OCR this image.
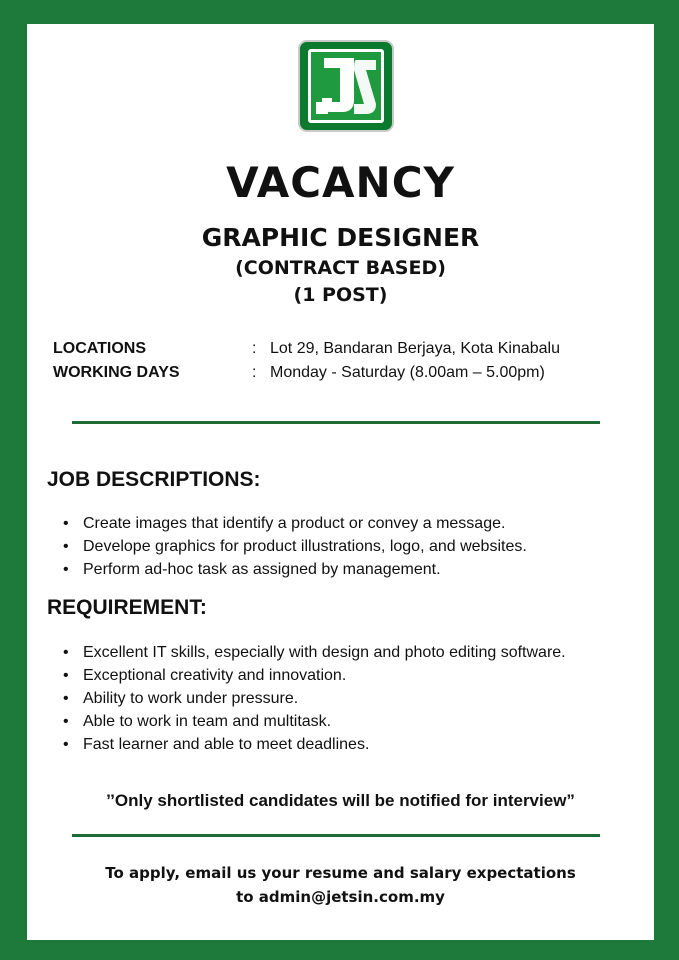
VACANCY
GRAPHIC DESIGNER
(CONTRACT BASED)
(1 POST)
LOCATIONS	: Lot 29, Bandaran Berjaya, Kota Kinabalu
WORKING DAYS	: Monday - Saturday (8.00am – 5.00pm)
JOB DESCRIPTIONS:
• Create images that identify a product or convey a message.
• Develope graphics for product illustrations, logo, and websites.
• Perform ad-hoc task as assigned by management.
REQUIREMENT:
• Excellent IT skills, especially with design and photo editing software.
• Exceptional creativity and innovation.
• Ability to work under pressure.
• Able to work in team and multitask.
• Fast learner and able to meet deadlines.
’’Only shortlisted candidates will be notified for interview”
To apply, email us your resume and salary expectations
to admin@jetsin.com.my
